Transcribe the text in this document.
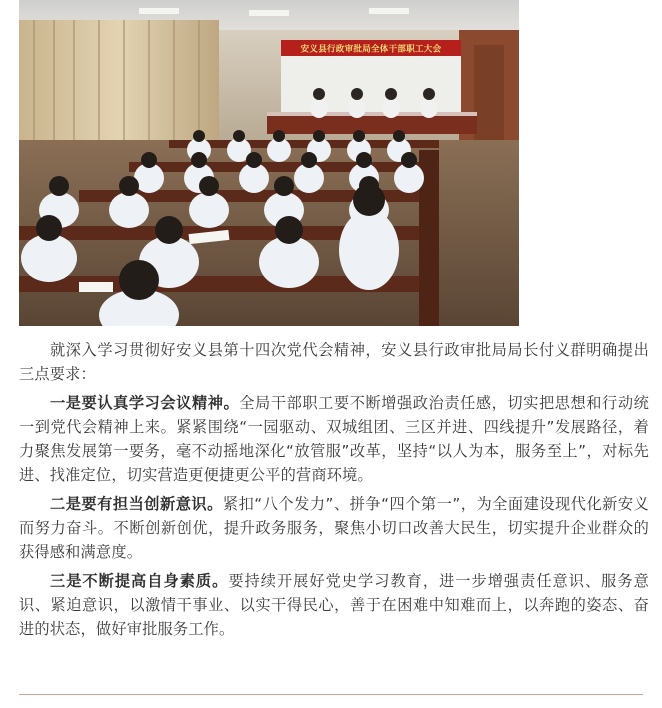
安义县行政审批局全体干部职工大会

就深入学习贯彻好安义县第十四次党代会精神，安义县行政审批局局长付义群明确提出三点要求：

一是要认真学习会议精神。全局干部职工要不断增强政治责任感，切实把思想和行动统一到党代会精神上来。紧紧围绕“一园驱动、双城组团、三区并进、四线提升”发展路径，着力聚焦发展第一要务，毫不动摇地深化“放管服”改革，坚持“以人为本，服务至上”，对标先进、找准定位，切实营造更便捷更公平的营商环境。

二是要有担当创新意识。紧扣“八个发力”、拼争“四个第一”，为全面建设现代化新安义而努力奋斗。不断创新创优，提升政务服务，聚焦小切口改善大民生，切实提升企业群众的获得感和满意度。

三是不断提高自身素质。要持续开展好党史学习教育，进一步增强责任意识、服务意识、紧迫意识，以激情干事业、以实干得民心，善于在困难中知难而上，以奔跑的姿态、奋进的状态，做好审批服务工作。
